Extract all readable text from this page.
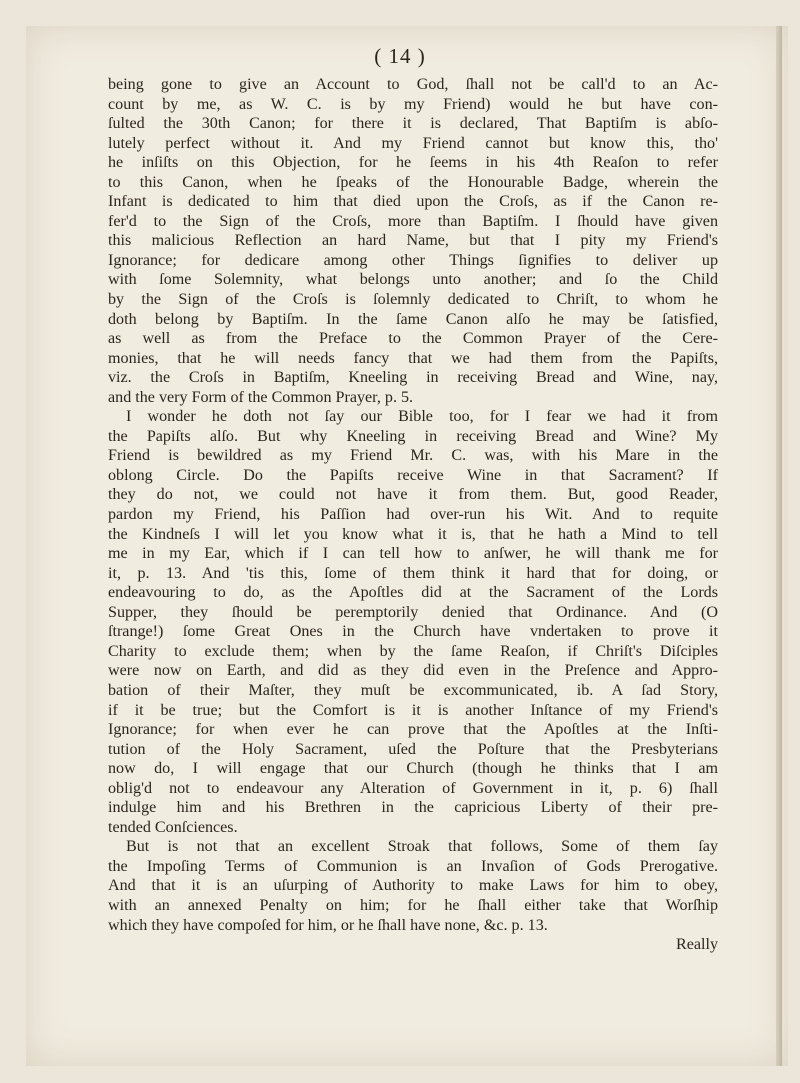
( 14 )
being gone to give an Account to God, ſhall not be call'd to an Ac-
count by me, as W. C. is by my Friend) would he but have con-
ſulted the 30th Canon; for there it is declared, That Baptiſm is abſo-
lutely perfect without it. And my Friend cannot but know this, tho'
he inſiſts on this Objection, for he ſeems in his 4th Reaſon to refer
to this Canon, when he ſpeaks of the Honourable Badge, wherein the
Infant is dedicated to him that died upon the Croſs, as if the Canon re-
fer'd to the Sign of the Croſs, more than Baptiſm. I ſhould have given
this malicious Reflection an hard Name, but that I pity my Friend's
Ignorance; for dedicare among other Things ſignifies to deliver up
with ſome Solemnity, what belongs unto another; and ſo the Child
by the Sign of the Croſs is ſolemnly dedicated to Chriſt, to whom he
doth belong by Baptiſm. In the ſame Canon alſo he may be ſatisfied,
as well as from the Preface to the Common Prayer of the Cere-
monies, that he will needs fancy that we had them from the Papiſts,
viz. the Croſs in Baptiſm, Kneeling in receiving Bread and Wine, nay,
and the very Form of the Common Prayer, p. 5.
I wonder he doth not ſay our Bible too, for I fear we had it from
the Papiſts alſo. But why Kneeling in receiving Bread and Wine? My
Friend is bewildred as my Friend Mr. C. was, with his Mare in the
oblong Circle. Do the Papiſts receive Wine in that Sacrament? If
they do not, we could not have it from them. But, good Reader,
pardon my Friend, his Paſſion had over-run his Wit. And to requite
the Kindneſs I will let you know what it is, that he hath a Mind to tell
me in my Ear, which if I can tell how to anſwer, he will thank me for
it, p. 13. And 'tis this, ſome of them think it hard that for doing, or
endeavouring to do, as the Apoſtles did at the Sacrament of the Lords
Supper, they ſhould be peremptorily denied that Ordinance. And (O
ſtrange!) ſome Great Ones in the Church have vndertaken to prove it
Charity to exclude them; when by the ſame Reaſon, if Chriſt's Diſciples
were now on Earth, and did as they did even in the Preſence and Appro-
bation of their Maſter, they muſt be excommunicated, ib. A ſad Story,
if it be true; but the Comfort is it is another Inſtance of my Friend's
Ignorance; for when ever he can prove that the Apoſtles at the Inſti-
tution of the Holy Sacrament, uſed the Poſture that the Presbyterians
now do, I will engage that our Church (though he thinks that I am
oblig'd not to endeavour any Alteration of Government in it, p. 6) ſhall
indulge him and his Brethren in the capricious Liberty of their pre-
tended Conſciences.
But is not that an excellent Stroak that follows, Some of them ſay
the Impoſing Terms of Communion is an Invaſion of Gods Prerogative.
And that it is an uſurping of Authority to make Laws for him to obey,
with an annexed Penalty on him; for he ſhall either take that Worſhip
which they have compoſed for him, or he ſhall have none, &c. p. 13.
Really
